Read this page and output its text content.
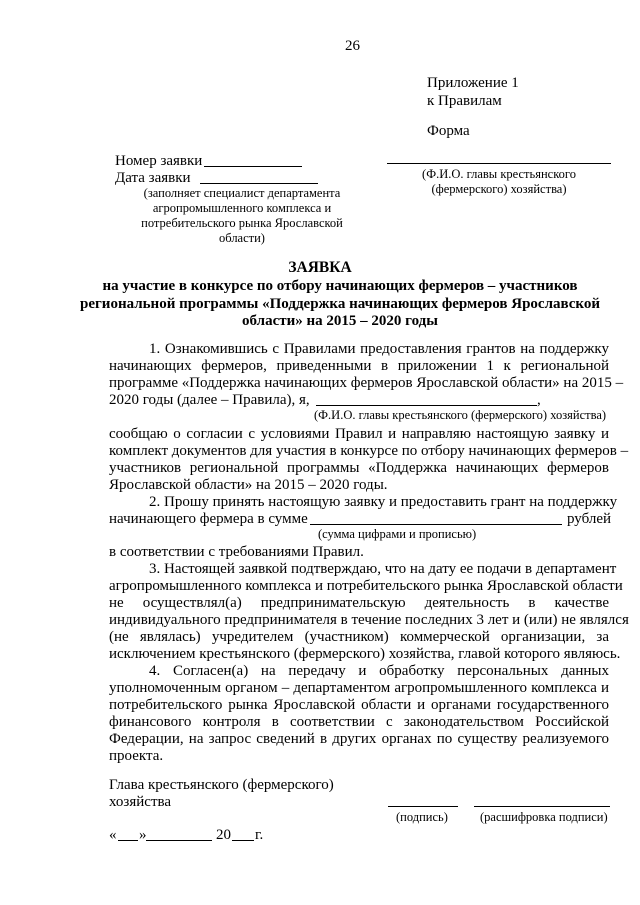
26
Приложение 1
к Правилам
Форма
Номер заявки
Дата заявки
(заполняет специалист департамента
агропромышленного комплекса и
потребительского рынка Ярославской
области)
(Ф.И.О. главы крестьянского
(фермерского) хозяйства)
ЗАЯВКА
на участие в конкурсе по отбору начинающих фермеров – участников
региональной программы «Поддержка начинающих фермеров Ярославской
области» на 2015 – 2020 годы
1. Ознакомившись с Правилами предоставления грантов на поддержку
начинающих фермеров, приведенными в приложении 1 к региональной
программе «Поддержка начинающих фермеров Ярославской области» на 2015 –
2020 годы (далее – Правила), я,	,
(Ф.И.О. главы крестьянского (фермерского) хозяйства)
сообщаю о согласии с условиями Правил и направляю настоящую заявку и
комплект документов для участия в конкурсе по отбору начинающих фермеров –
участников региональной программы «Поддержка начинающих фермеров
Ярославской области» на 2015 – 2020 годы.
2. Прошу принять настоящую заявку и предоставить грант на поддержку
начинающего фермера в сумме	рублей
(сумма цифрами и прописью)
в соответствии с требованиями Правил.
3. Настоящей заявкой подтверждаю, что на дату ее подачи в департамент
агропромышленного комплекса и потребительского рынка Ярославской области
не осуществлял(а) предпринимательскую деятельность в качестве
индивидуального предпринимателя в течение последних 3 лет и (или) не являлся
(не являлась) учредителем (участником) коммерческой организации, за
исключением крестьянского (фермерского) хозяйства, главой которого являюсь.
4. Согласен(а) на передачу и обработку персональных данных
уполномоченным органом – департаментом агропромышленного комплекса и
потребительского рынка Ярославской области и органами государственного
финансового контроля в соответствии с законодательством Российской
Федерации, на запрос сведений в других органах по существу реализуемого
проекта.
Глава крестьянского (фермерского)
хозяйства
(подпись)	(расшифровка подписи)
« »	20 г.
